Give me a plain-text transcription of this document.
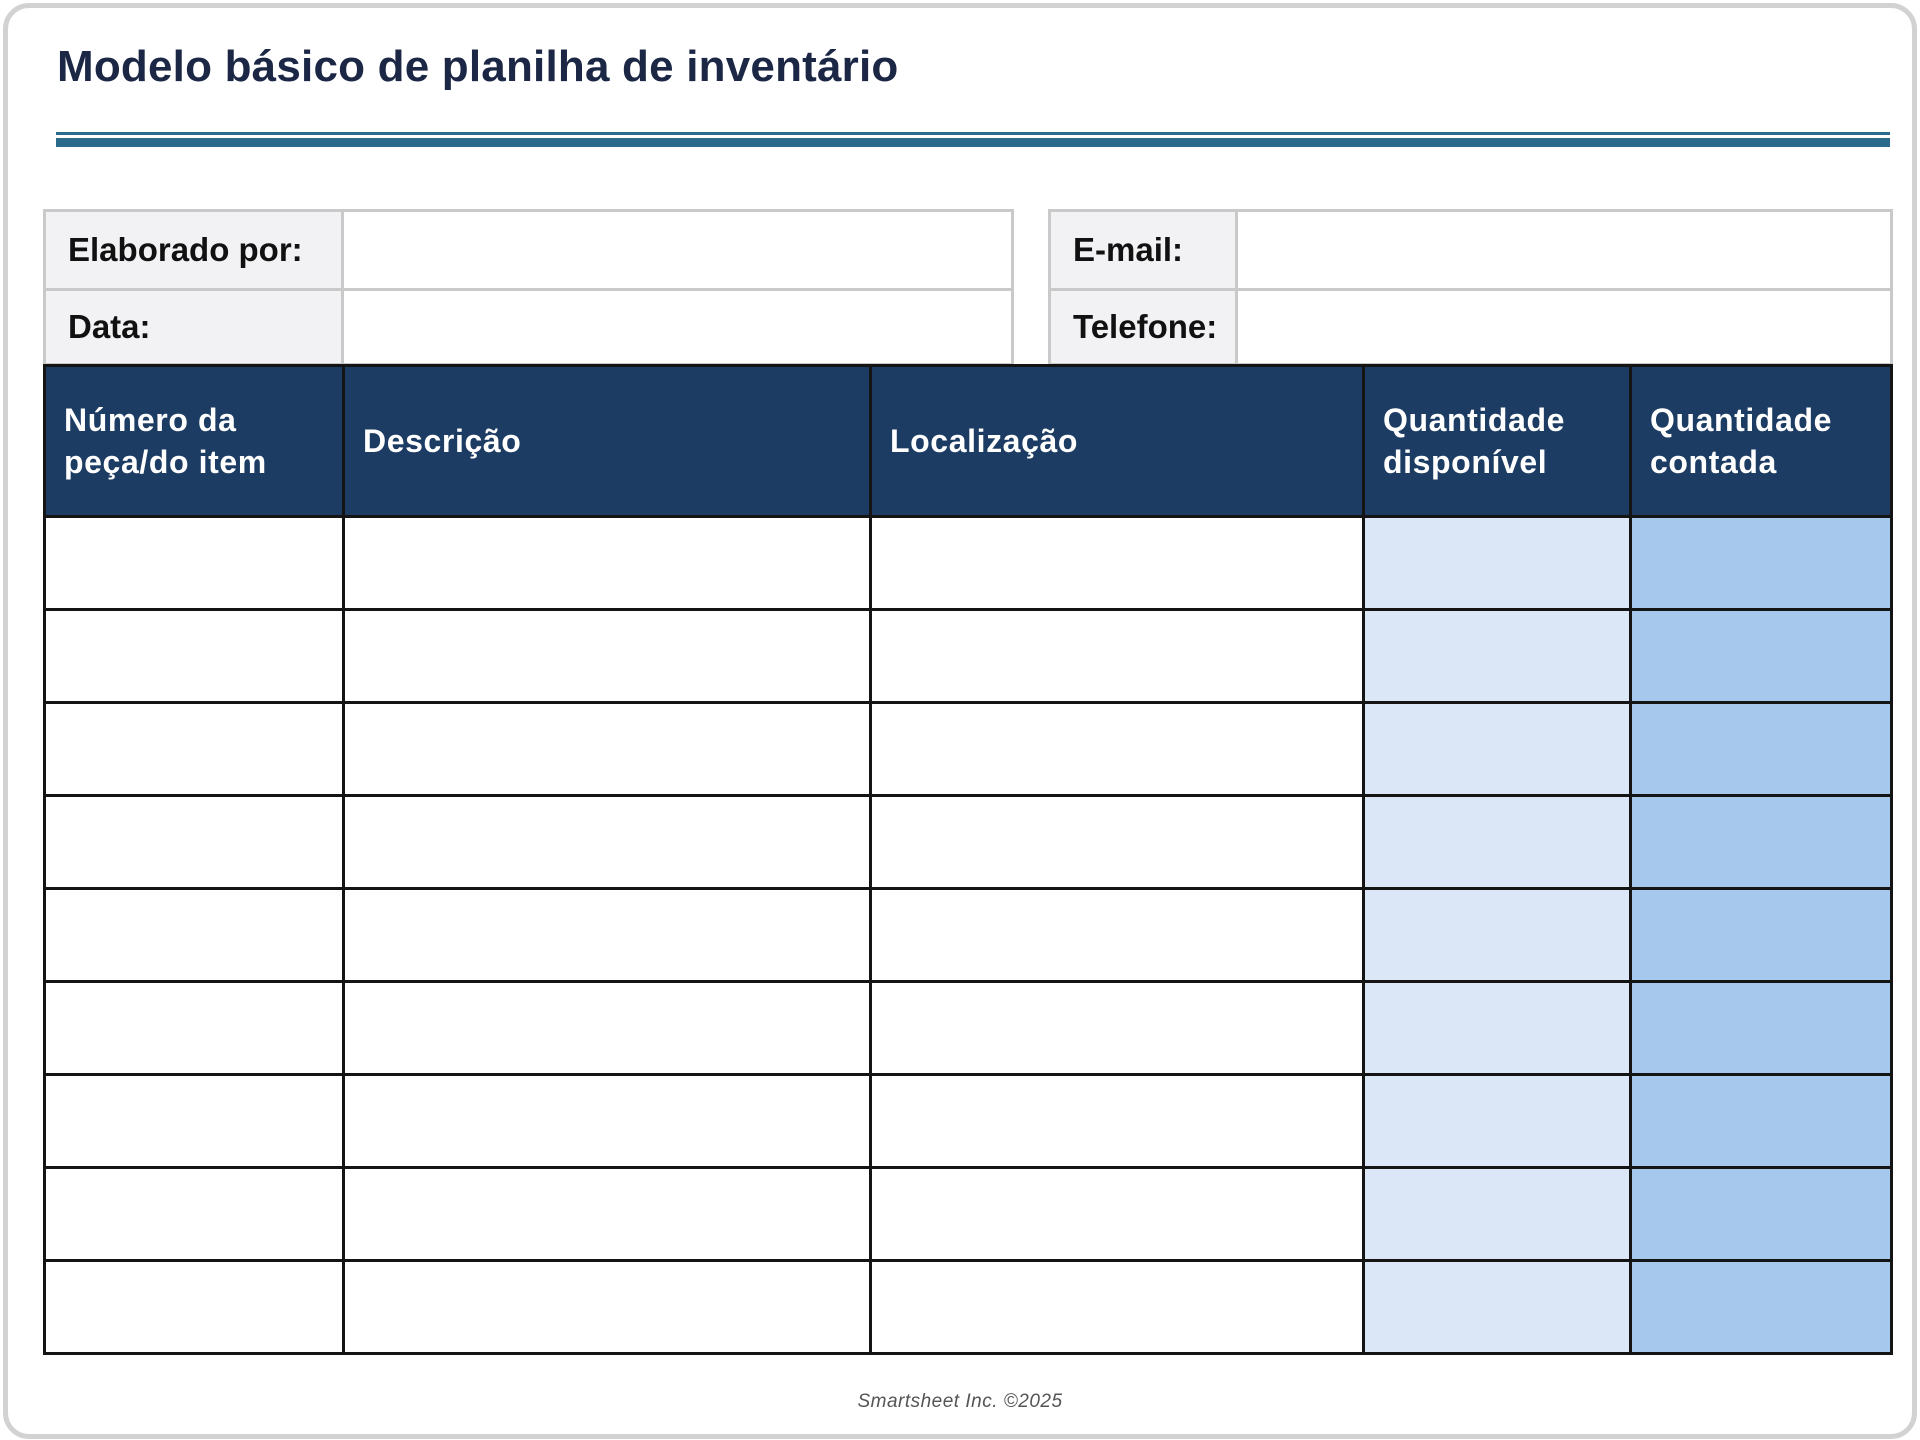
Modelo básico de planilha de inventário
Elaborado por:	
Data:	
E-mail:	
Telefone:	
Número da peça/do item	Descrição	Localização	Quantidade disponível	Quantidade contada

Smartsheet Inc. ©2025
